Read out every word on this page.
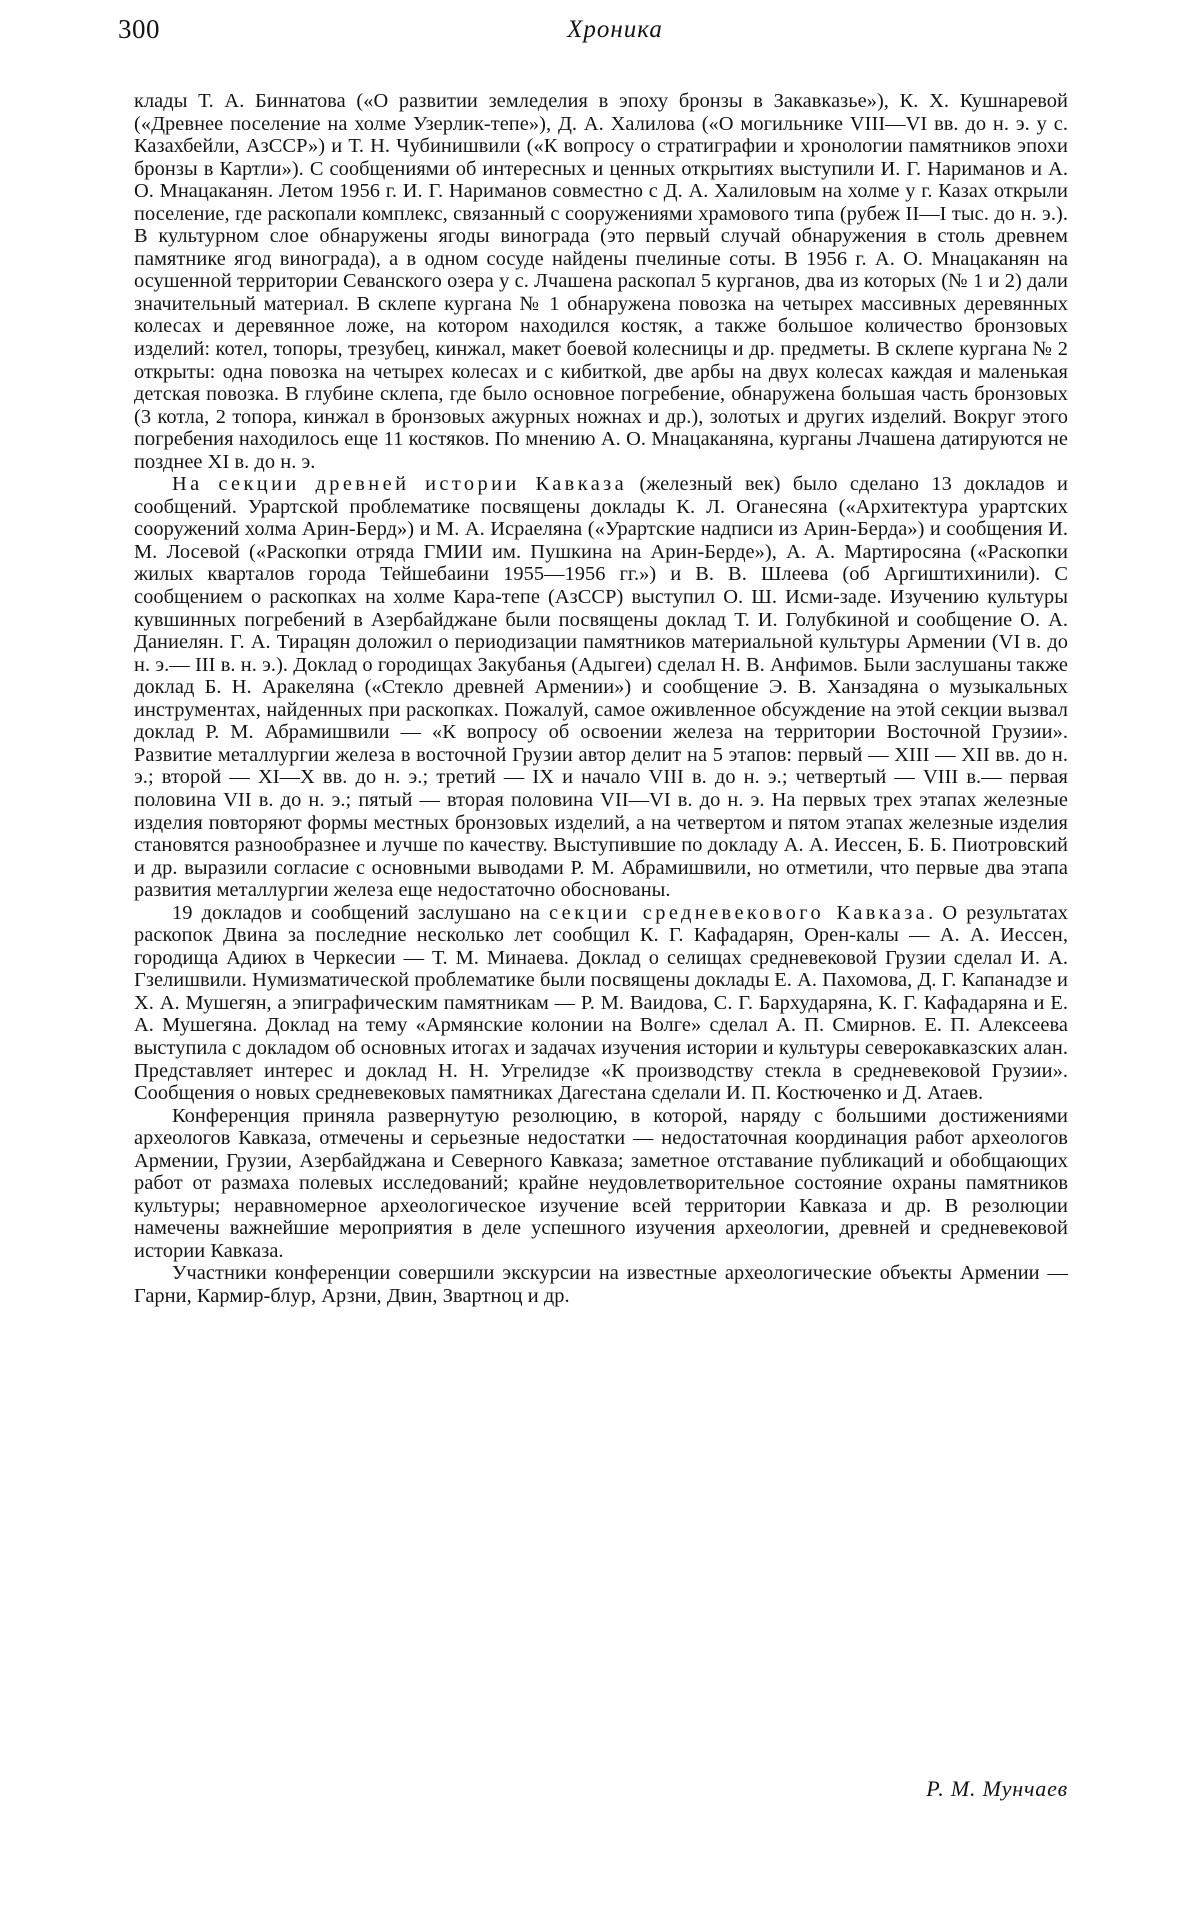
300	Хроника

клады Т. А. Биннатова («О развитии земледелия в эпоху бронзы в Закавказье»), К. Х. Кушнаревой («Древнее поселение на холме Узерлик-тепе»), Д. А. Халилова («О могильнике VIII—VI вв. до н. э. у с. Казахбейли, АзССР») и Т. Н. Чубинишвили («К вопросу о стратиграфии и хронологии памятников эпохи бронзы в Картли»). С сообщениями об интересных и ценных открытиях выступили И. Г. Нариманов и А. О. Мнацаканян. Летом 1956 г. И. Г. Нариманов совместно с Д. А. Халиловым на холме у г. Казах открыли поселение, где раскопали комплекс, связанный с сооружениями храмового типа (рубеж II—I тыс. до н. э.). В культурном слое обнаружены ягоды винограда (это первый случай обнаружения в столь древнем памятнике ягод винограда), а в одном сосуде найдены пчелиные соты. В 1956 г. А. О. Мнацаканян на осушенной территории Севанского озера у с. Лчашена раскопал 5 курганов, два из которых (№ 1 и 2) дали значительный материал. В склепе кургана № 1 обнаружена повозка на четырех массивных деревянных колесах и деревянное ложе, на котором находился костяк, а также большое количество бронзовых изделий: котел, топоры, трезубец, кинжал, макет боевой колесницы и др. предметы. В склепе кургана № 2 открыты: одна повозка на четырех колесах и с кибиткой, две арбы на двух колесах каждая и маленькая детская повозка. В глубине склепа, где было основное погребение, обнаружена большая часть бронзовых (3 котла, 2 топора, кинжал в бронзовых ажурных ножнах и др.), золотых и других изделий. Вокруг этого погребения находилось еще 11 костяков. По мнению А. О. Мнацаканяна, курганы Лчашена датируются не позднее XI в. до н. э.

На секции древней истории Кавказа (железный век) было сделано 13 докладов и сообщений. Урартской проблематике посвящены доклады К. Л. Оганесяна («Архитектура урартских сооружений холма Арин-Берд») и М. А. Исраеляна («Урартские надписи из Арин-Берда») и сообщения И. М. Лосевой («Раскопки отряда ГМИИ им. Пушкина на Арин-Берде»), А. А. Мартиросяна («Раскопки жилых кварталов города Тейшебаини 1955—1956 гг.») и В. В. Шлеева (об Аргиштихинили). С сообщением о раскопках на холме Кара-тепе (АзССР) выступил О. Ш. Исми-заде. Изучению культуры кувшинных погребений в Азербайджане были посвящены доклад Т. И. Голубкиной и сообщение О. А. Даниелян. Г. А. Тирацян доложил о периодизации памятников материальной культуры Армении (VI в. до н. э.— III в. н. э.). Доклад о городищах Закубанья (Адыгеи) сделал Н. В. Анфимов. Были заслушаны также доклад Б. Н. Аракеляна («Стекло древней Армении») и сообщение Э. В. Ханзадяна о музыкальных инструментах, найденных при раскопках. Пожалуй, самое оживленное обсуждение на этой секции вызвал доклад Р. М. Абрамишвили — «К вопросу об освоении железа на территории Восточной Грузии». Развитие металлургии железа в восточной Грузии автор делит на 5 этапов: первый — XIII — XII вв. до н. э.; второй — XI—X вв. до н. э.; третий — IX и начало VIII в. до н. э.; четвертый — VIII в.— первая половина VII в. до н. э.; пятый — вторая половина VII—VI в. до н. э. На первых трех этапах железные изделия повторяют формы местных бронзовых изделий, а на четвертом и пятом этапах железные изделия становятся разнообразнее и лучше по качеству. Выступившие по докладу А. А. Иессен, Б. Б. Пиотровский и др. выразили согласие с основными выводами Р. М. Абрамишвили, но отметили, что первые два этапа развития металлургии железа еще недостаточно обоснованы.

19 докладов и сообщений заслушано на секции средневекового Кавказа. О результатах раскопок Двина за последние несколько лет сообщил К. Г. Кафадарян, Орен-калы — А. А. Иессен, городища Адиюх в Черкесии — Т. М. Минаева. Доклад о селищах средневековой Грузии сделал И. А. Гзелишвили. Нумизматической проблематике были посвящены доклады Е. А. Пахомова, Д. Г. Капанадзе и Х. А. Мушегян, а эпиграфическим памятникам — Р. М. Ваидова, С. Г. Бархударяна, К. Г. Кафадаряна и Е. А. Мушегяна. Доклад на тему «Армянские колонии на Волге» сделал А. П. Смирнов. Е. П. Алексеева выступила с докладом об основных итогах и задачах изучения истории и культуры северокавказских алан. Представляет интерес и доклад Н. Н. Угрелидзе «К производству стекла в средневековой Грузии». Сообщения о новых средневековых памятниках Дагестана сделали И. П. Костюченко и Д. Атаев.

Конференция приняла развернутую резолюцию, в которой, наряду с большими достижениями археологов Кавказа, отмечены и серьезные недостатки — недостаточная координация работ археологов Армении, Грузии, Азербайджана и Северного Кавказа; заметное отставание публикаций и обобщающих работ от размаха полевых исследований; крайне неудовлетворительное состояние охраны памятников культуры; неравномерное археологическое изучение всей территории Кавказа и др. В резолюции намечены важнейшие мероприятия в деле успешного изучения археологии, древней и средневековой истории Кавказа.

Участники конференции совершили экскурсии на известные археологические объекты Армении — Гарни, Кармир-блур, Арзни, Двин, Звартноц и др.

Р. М. Мунчаев
